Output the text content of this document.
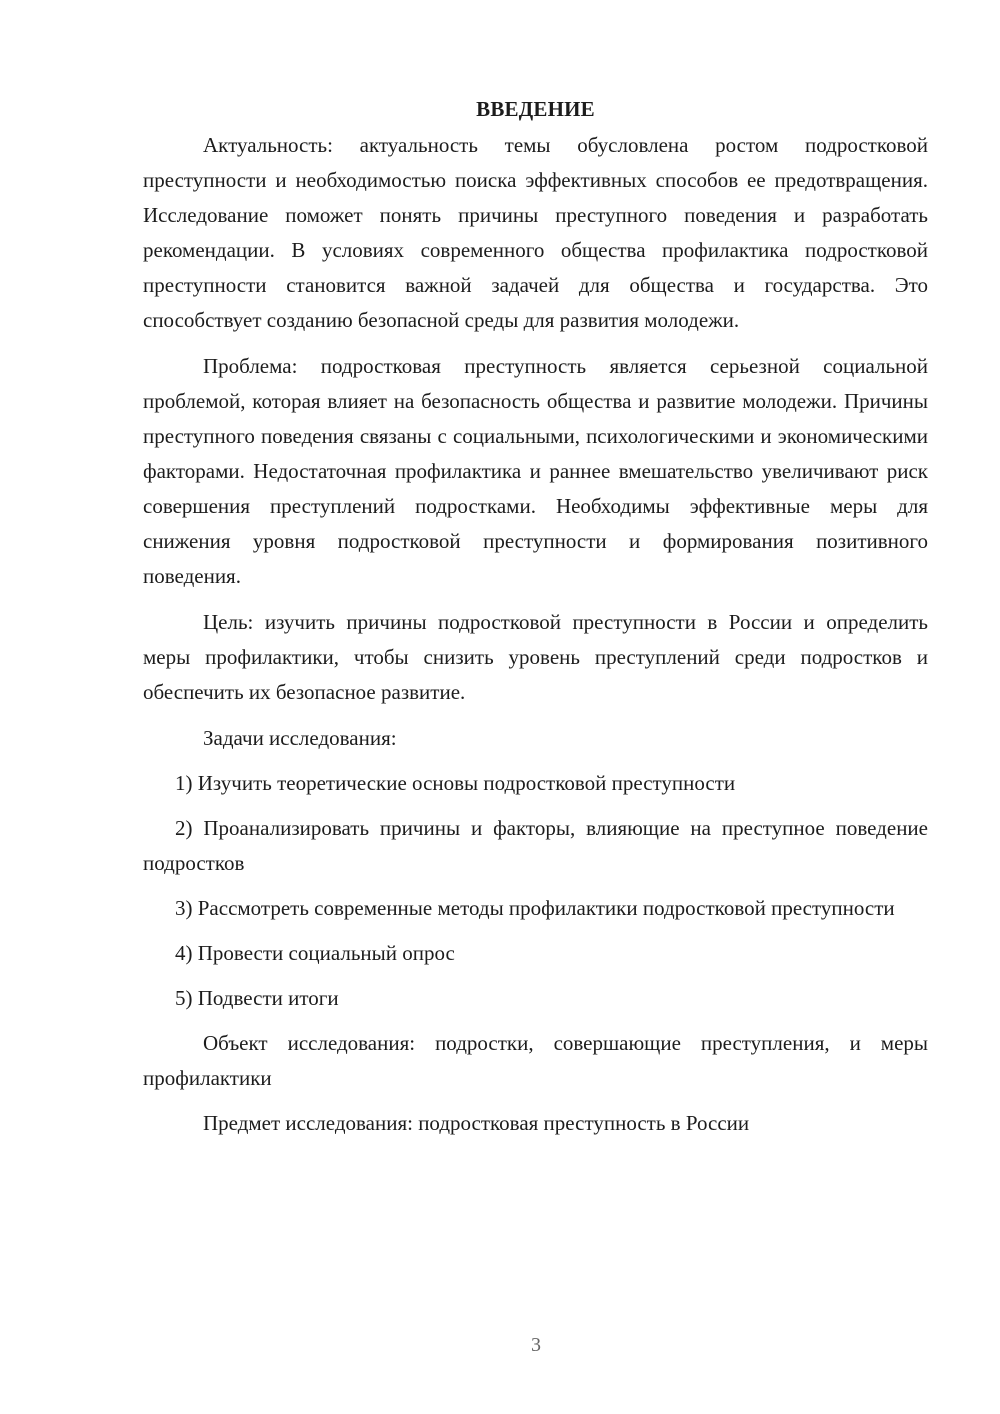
ВВЕДЕНИЕ

Актуальность: актуальность темы обусловлена ростом подростковой преступности и необходимостью поиска эффективных способов ее предотвращения. Исследование поможет понять причины преступного поведения и разработать рекомендации. В условиях современного общества профилактика подростковой преступности становится важной задачей для общества и государства. Это способствует созданию безопасной среды для развития молодежи.

Проблема: подростковая преступность является серьезной социальной проблемой, которая влияет на безопасность общества и развитие молодежи. Причины преступного поведения связаны с социальными, психологическими и экономическими факторами. Недостаточная профилактика и раннее вмешательство увеличивают риск совершения преступлений подростками. Необходимы эффективные меры для снижения уровня подростковой преступности и формирования позитивного поведения.

Цель: изучить причины подростковой преступности в России и определить меры профилактики, чтобы снизить уровень преступлений среди подростков и обеспечить их безопасное развитие.

Задачи исследования:

1) Изучить теоретические основы подростковой преступности

2) Проанализировать причины и факторы, влияющие на преступное поведение подростков

3) Рассмотреть современные методы профилактики подростковой преступности

4) Провести социальный опрос

5) Подвести итоги

Объект исследования: подростки, совершающие преступления, и меры профилактики

Предмет исследования: подростковая преступность в России

3
